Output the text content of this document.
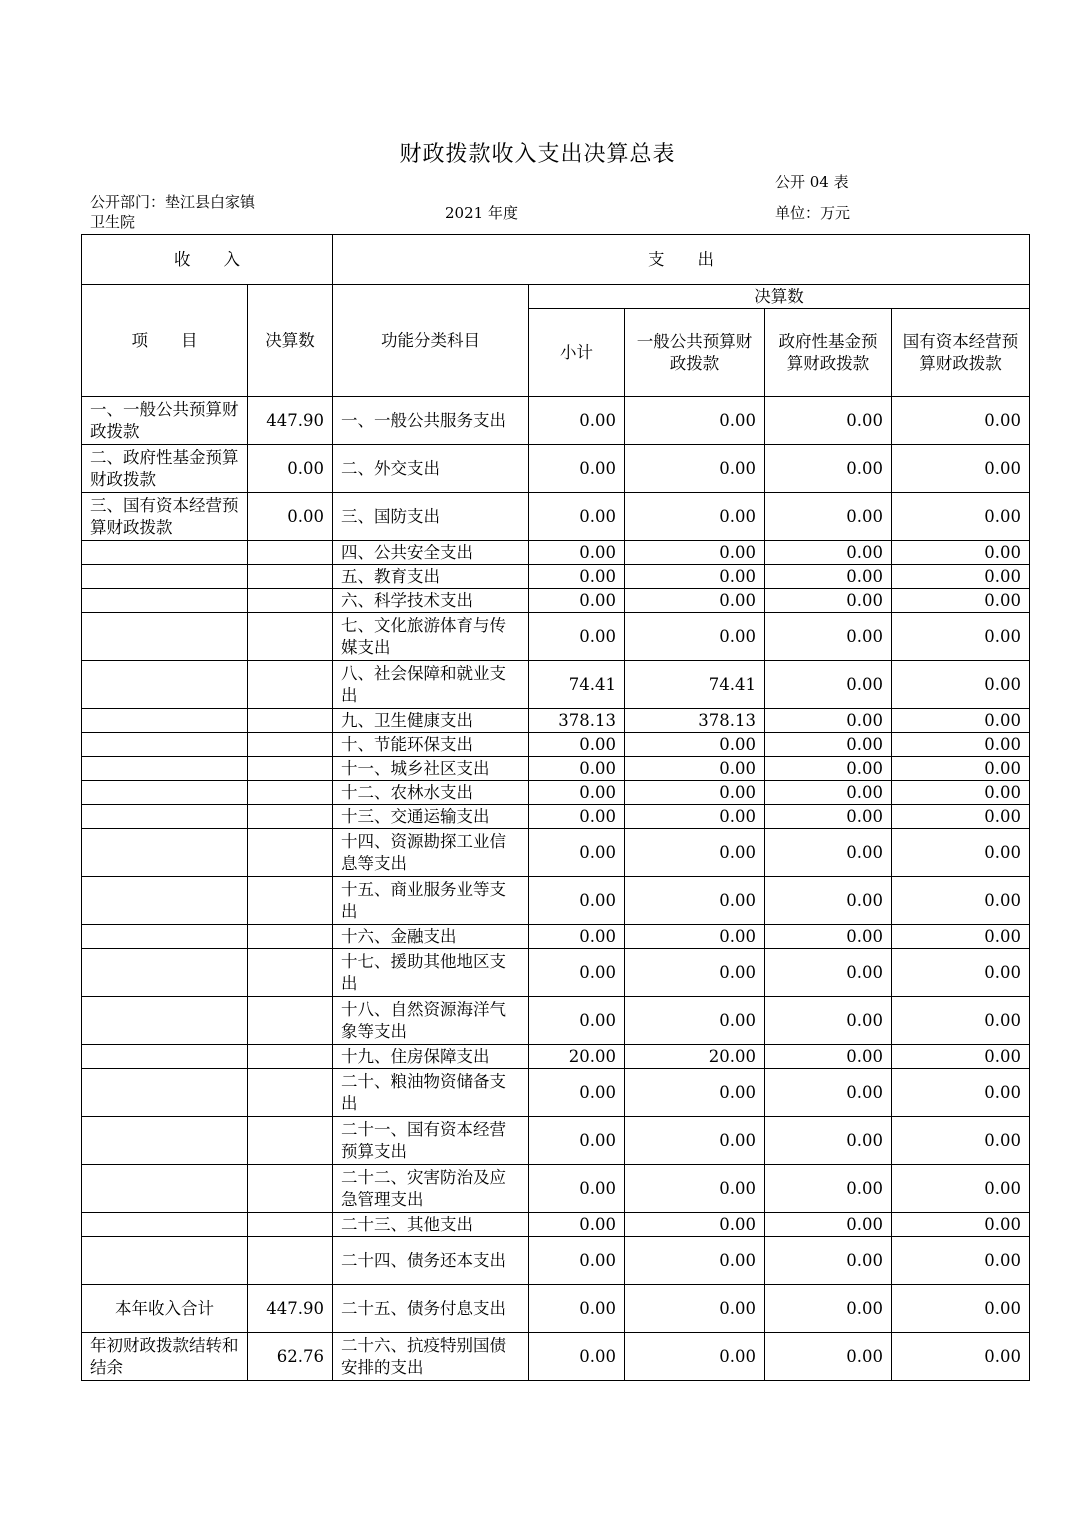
财政拨款收入支出决算总表
公开 04 表
公开部门：垫江县白家镇卫生院	2021 年度	单位：万元
收　　入		支　　出				
项　　目	决算数	功能分类科目	决算数			
			小计	一般公共预算财政拨款	政府性基金预算财政拨款	国有资本经营预算财政拨款
一、一般公共预算财政拨款	447.90	一、一般公共服务支出	0.00	0.00	0.00	0.00
二、政府性基金预算财政拨款	0.00	二、外交支出	0.00	0.00	0.00	0.00
三、国有资本经营预算财政拨款	0.00	三、国防支出	0.00	0.00	0.00	0.00
		四、公共安全支出	0.00	0.00	0.00	0.00
		五、教育支出	0.00	0.00	0.00	0.00
		六、科学技术支出	0.00	0.00	0.00	0.00
		七、文化旅游体育与传媒支出	0.00	0.00	0.00	0.00
		八、社会保障和就业支出	74.41	74.41	0.00	0.00
		九、卫生健康支出	378.13	378.13	0.00	0.00
		十、节能环保支出	0.00	0.00	0.00	0.00
		十一、城乡社区支出	0.00	0.00	0.00	0.00
		十二、农林水支出	0.00	0.00	0.00	0.00
		十三、交通运输支出	0.00	0.00	0.00	0.00
		十四、资源勘探工业信息等支出	0.00	0.00	0.00	0.00
		十五、商业服务业等支出	0.00	0.00	0.00	0.00
		十六、金融支出	0.00	0.00	0.00	0.00
		十七、援助其他地区支出	0.00	0.00	0.00	0.00
		十八、自然资源海洋气象等支出	0.00	0.00	0.00	0.00
		十九、住房保障支出	20.00	20.00	0.00	0.00
		二十、粮油物资储备支出	0.00	0.00	0.00	0.00
		二十一、国有资本经营预算支出	0.00	0.00	0.00	0.00
		二十二、灾害防治及应急管理支出	0.00	0.00	0.00	0.00
		二十三、其他支出	0.00	0.00	0.00	0.00
		二十四、债务还本支出	0.00	0.00	0.00	0.00
本年收入合计	447.90	二十五、债务付息支出	0.00	0.00	0.00	0.00
年初财政拨款结转和结余	62.76	二十六、抗疫特别国债安排的支出	0.00	0.00	0.00	0.00
